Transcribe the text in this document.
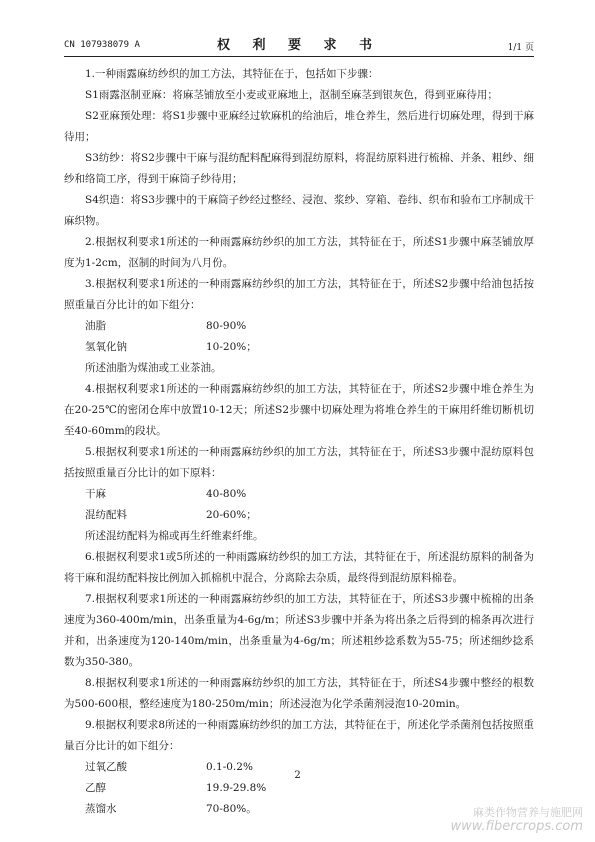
CN 107938079 A	权 利 要 求 书	1/1 页

1.一种雨露麻纺纱织的加工方法，其特征在于，包括如下步骤：

S1雨露沤制亚麻：将麻茎铺放至小麦或亚麻地上，沤制至麻茎到银灰色，得到亚麻待用；

S2亚麻预处理：将S1步骤中亚麻经过软麻机的给油后，堆仓养生，然后进行切麻处理，得到干麻待用；

S3纺纱：将S2步骤中干麻与混纺配料配麻得到混纺原料，将混纺原料进行梳棉、并条、粗纱、细纱和络筒工序，得到干麻筒子纱待用；

S4织造：将S3步骤中的干麻筒子纱经过整经、浸泡、浆纱、穿箱、卷纬、织布和验布工序制成干麻织物。

2.根据权利要求1所述的一种雨露麻纺纱织的加工方法，其特征在于，所述S1步骤中麻茎铺放厚度为1-2cm，沤制的时间为八月份。

3.根据权利要求1所述的一种雨露麻纺纱织的加工方法，其特征在于，所述S2步骤中给油包括按照重量百分比计的如下组分：

油脂	80-90%
氢氧化钠	10-20%；

所述油脂为煤油或工业茶油。

4.根据权利要求1所述的一种雨露麻纺纱织的加工方法，其特征在于，所述S2步骤中堆仓养生为在20-25℃的密闭仓库中放置10-12天；所述S2步骤中切麻处理为将堆仓养生的干麻用纤维切断机切至40-60mm的段状。

5.根据权利要求1所述的一种雨露麻纺纱织的加工方法，其特征在于，所述S3步骤中混纺原料包括按照重量百分比计的如下原料：

干麻	40-80%
混纺配料	20-60%；

所述混纺配料为棉或再生纤维素纤维。

6.根据权利要求1或5所述的一种雨露麻纺纱织的加工方法，其特征在于，所述混纺原料的制备为将干麻和混纺配料按比例加入抓棉机中混合，分离除去杂质，最终得到混纺原料棉卷。

7.根据权利要求1所述的一种雨露麻纺纱织的加工方法，其特征在于，所述S3步骤中梳棉的出条速度为360-400m/min，出条重量为4-6g/m；所述S3步骤中并条为将出条之后得到的棉条再次进行并和，出条速度为120-140m/min，出条重量为4-6g/m；所述粗纱捻系数为55-75；所述细纱捻系数为350-380。

8.根据权利要求1所述的一种雨露麻纺纱织的加工方法，其特征在于，所述S4步骤中整经的根数为500-600根，整经速度为180-250m/min；所述浸泡为化学杀菌剂浸泡10-20min。

9.根据权利要求8所述的一种雨露麻纺纱织的加工方法，其特征在于，所述化学杀菌剂包括按照重量百分比计的如下组分：

过氧乙酸	0.1-0.2%
乙醇	19.9-29.8%
蒸馏水	70-80%。
2
麻类作物营养与施肥网
www.fibercrops.com
